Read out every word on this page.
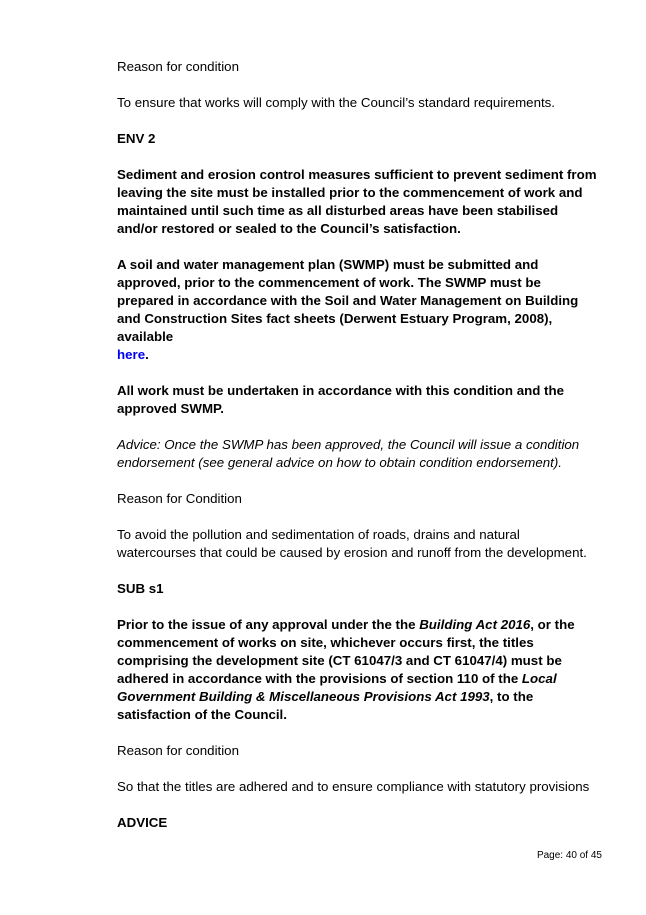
Reason for condition

To ensure that works will comply with the Council’s standard requirements.

ENV 2

Sediment and erosion control measures sufficient to prevent sediment from leaving the site must be installed prior to the commencement of work and maintained until such time as all disturbed areas have been stabilised and/or restored or sealed to the Council’s satisfaction.

A soil and water management plan (SWMP) must be submitted and approved, prior to the commencement of work. The SWMP must be prepared in accordance with the Soil and Water Management on Building and Construction Sites fact sheets (Derwent Estuary Program, 2008), available
here.

All work must be undertaken in accordance with this condition and the approved SWMP.

Advice: Once the SWMP has been approved, the Council will issue a condition endorsement (see general advice on how to obtain condition endorsement).

Reason for Condition

To avoid the pollution and sedimentation of roads, drains and natural watercourses that could be caused by erosion and runoff from the development.

SUB s1

Prior to the issue of any approval under the the Building Act 2016, or the commencement of works on site, whichever occurs first, the titles comprising the development site (CT 61047/3 and CT 61047/4) must be adhered in accordance with the provisions of section 110 of the Local Government Building & Miscellaneous Provisions Act 1993, to the satisfaction of the Council.

Reason for condition

So that the titles are adhered and to ensure compliance with statutory provisions

ADVICE

Page: 40 of 45
